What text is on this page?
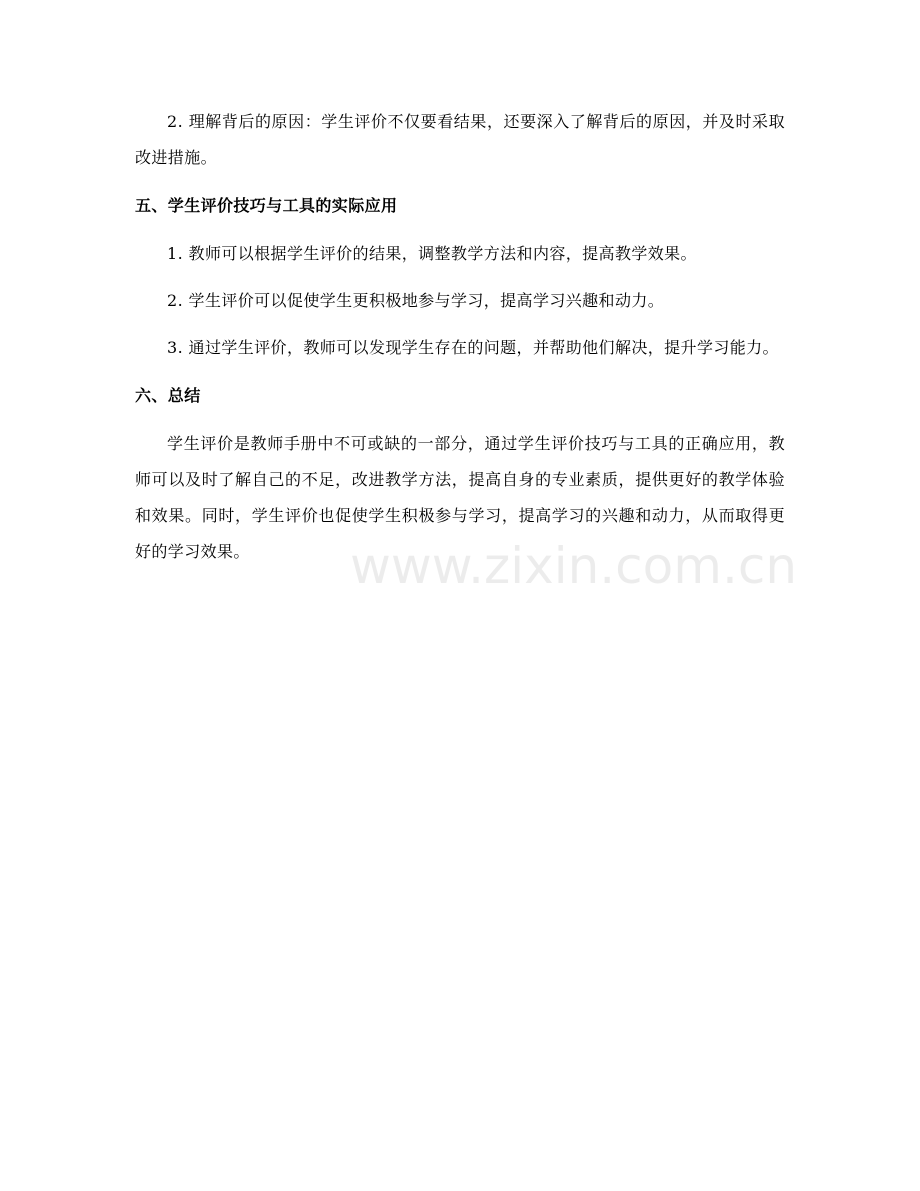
2. 理解背后的原因：学生评价不仅要看结果，还要深入了解背后的原因，并及时采取改进措施。

五、学生评价技巧与工具的实际应用

1. 教师可以根据学生评价的结果，调整教学方法和内容，提高教学效果。

2. 学生评价可以促使学生更积极地参与学习，提高学习兴趣和动力。

3. 通过学生评价，教师可以发现学生存在的问题，并帮助他们解决，提升学习能力。

六、总结

学生评价是教师手册中不可或缺的一部分，通过学生评价技巧与工具的正确应用，教师可以及时了解自己的不足，改进教学方法，提高自身的专业素质，提供更好的教学体验和效果。同时，学生评价也促使学生积极参与学习，提高学习的兴趣和动力，从而取得更好的学习效果。	www.zixin.com.cn
